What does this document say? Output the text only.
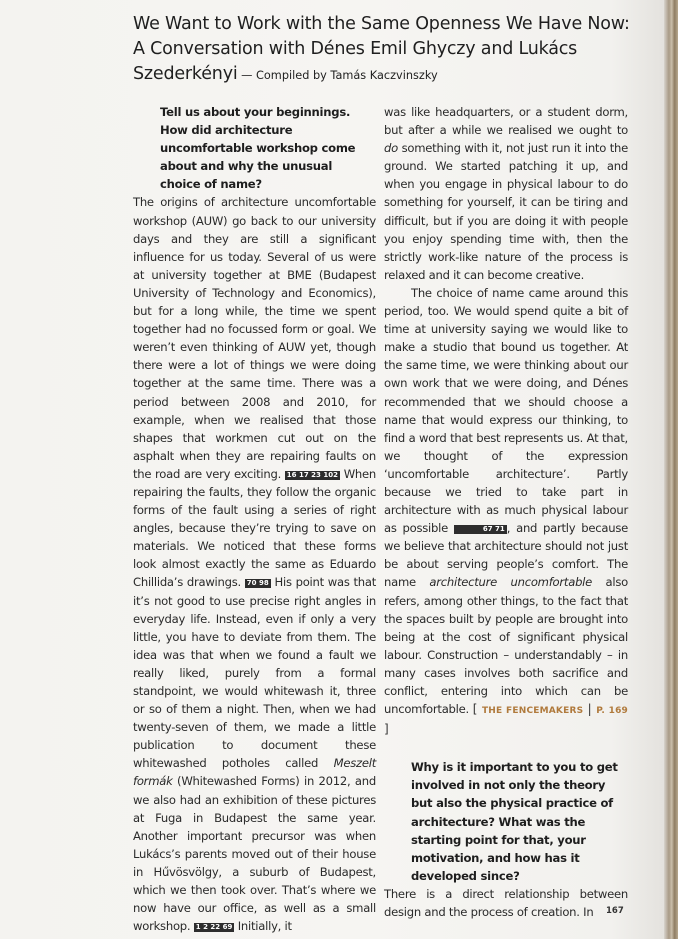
We Want to Work with the Same Openness We Have Now: A Conversation with Dénes Emil Ghyczy and Lukács Szederkényi — Compiled by Tamás Kaczvinszky

Tell us about your beginnings. How did architecture uncomfortable workshop come about and why the unusual choice of name?

The origins of architecture uncomfortable workshop (AUW) go back to our university days and they are still a significant influence for us today. Several of us were at university together at BME (Budapest University of Technology and Economics), but for a long while, the time we spent together had no focussed form or goal. We weren’t even thinking of AUW yet, though there were a lot of things we were doing together at the same time. There was a period between 2008 and 2010, for example, when we realised that those shapes that workmen cut out on the asphalt when they are repairing faults on the road are very exciting. 16 17 23 102 When repairing the faults, they follow the organic forms of the fault using a series of right angles, because they’re trying to save on materials. We noticed that these forms look almost exactly the same as Eduardo Chillida’s drawings. 70 98 His point was that it’s not good to use precise right angles in everyday life. Instead, even if only a very little, you have to deviate from them. The idea was that when we found a fault we really liked, purely from a formal standpoint, we would whitewash it, three or so of them a night. Then, when we had twenty-seven of them, we made a little publication to document these whitewashed potholes called Meszelt formák (Whitewashed Forms) in 2012, and we also had an exhibition of these pictures at Fuga in Budapest the same year. Another important precursor was when Lukács’s parents moved out of their house in Hűvösvölgy, a suburb of Budapest, which we then took over. That’s where we now have our office, as well as a small workshop. 1 2 22 69 Initially, it

was like headquarters, or a student dorm, but after a while we realised we ought to do something with it, not just run it into the ground. We started patching it up, and when you engage in physical labour to do something for yourself, it can be tiring and difficult, but if you are doing it with people you enjoy spending time with, then the strictly work-like nature of the process is relaxed and it can become creative.

The choice of name came around this period, too. We would spend quite a bit of time at university saying we would like to make a studio that bound us together. At the same time, we were thinking about our own work that we were doing, and Dénes recommended that we should choose a name that would express our thinking, to find a word that best represents us. At that, we thought of the expression ‘uncomfortable architecture’. Partly because we tried to take part in architecture with as much physical labour as possible	67 71 , and partly because we believe that architecture should not just be about serving people’s comfort. The name architecture uncomfortable also refers, among other things, to the fact that the spaces built by people are brought into being at the cost of significant physical labour. Construction – understandably – in many cases involves both sacrifice and conflict, entering into which can be uncomfortable. [ THE FENCEMAKERS | P. 169 ]

Why is it important to you to get involved in not only the theory but also the physical practice of architecture? What was the starting point for that, your motivation, and how has it developed since?

There is a direct relationship between design and the process of creation. In	167
